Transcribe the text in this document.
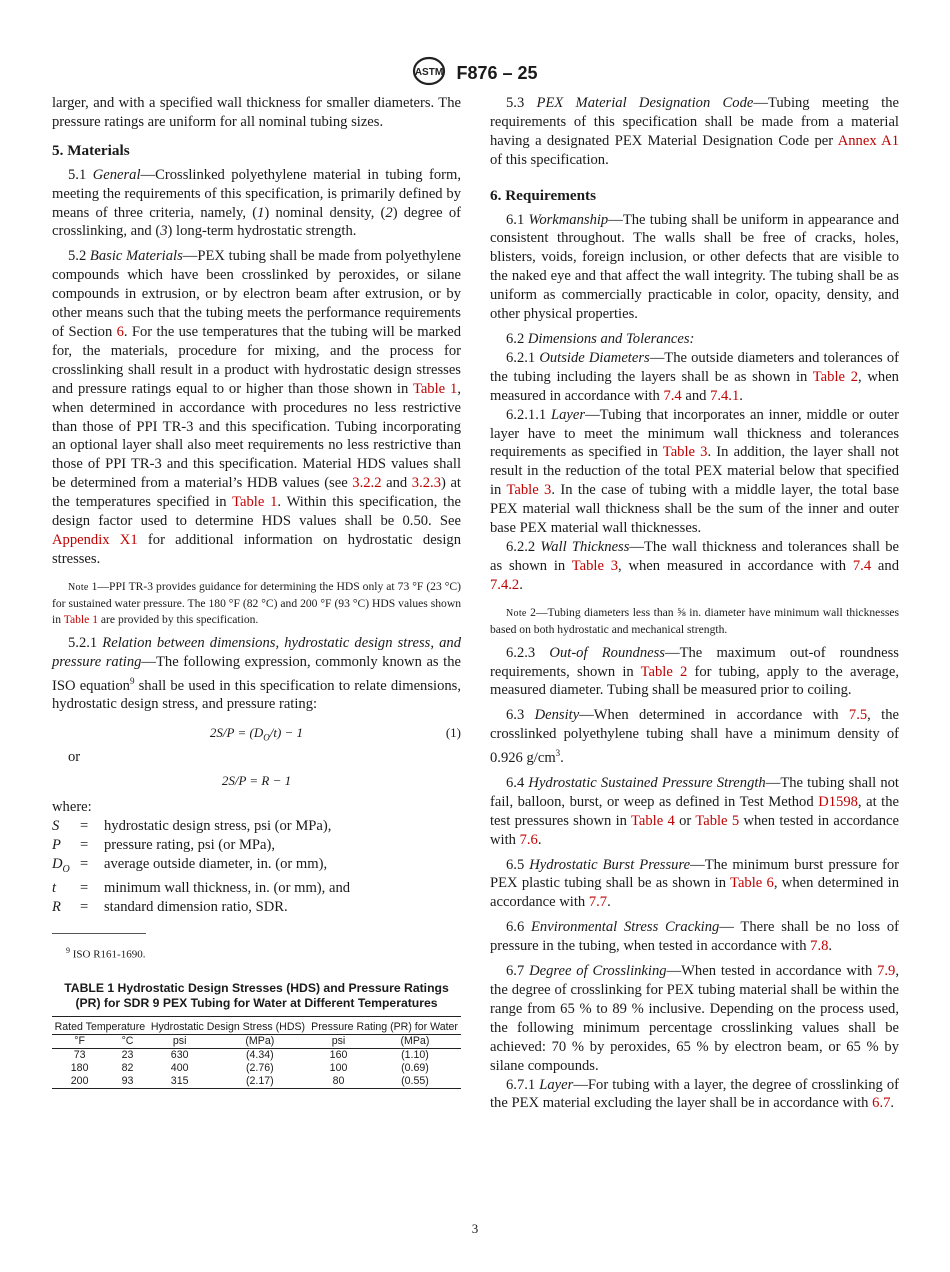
ASTM F876 – 25

larger, and with a specified wall thickness for smaller diameters. The pressure ratings are uniform for all nominal tubing sizes.

5. Materials

5.1 General—Crosslinked polyethylene material in tubing form, meeting the requirements of this specification, is primarily defined by means of three criteria, namely, (1) nominal density, (2) degree of crosslinking, and (3) long-term hydrostatic strength.

5.2 Basic Materials—PEX tubing shall be made from polyethylene compounds which have been crosslinked by peroxides, or silane compounds in extrusion, or by electron beam after extrusion, or by other means such that the tubing meets the performance requirements of Section 6. For the use temperatures that the tubing will be marked for, the materials, procedure for mixing, and the process for crosslinking shall result in a product with hydrostatic design stresses and pressure ratings equal to or higher than those shown in Table 1, when determined in accordance with procedures no less restrictive than those of PPI TR-3 and this specification. Tubing incorporating an optional layer shall also meet requirements no less restrictive than those of PPI TR-3 and this specification. Material HDS values shall be determined from a material’s HDB values (see 3.2.2 and 3.2.3) at the temperatures specified in Table 1. Within this specification, the design factor used to determine HDS values shall be 0.50. See Appendix X1 for additional information on hydrostatic design stresses.

Note 1—PPI TR-3 provides guidance for determining the HDS only at 73 °F (23 °C) for sustained water pressure. The 180 °F (82 °C) and 200 °F (93 °C) HDS values shown in Table 1 are provided by this specification.

5.2.1 Relation between dimensions, hydrostatic design stress, and pressure rating—The following expression, commonly known as the ISO equation$^9$ shall be used in this specification to relate dimensions, hydrostatic design stress, and pressure rating:

$2S/P = (D_O/t) - 1$	(1)
or
2S/P = R − 1

where:

S	=	hydrostatic design stress, psi (or MPa),
P	=	pressure rating, psi (or MPa),
$D_O$	=	average outside diameter, in. (or mm),
t	=	minimum wall thickness, in. (or mm), and
R	=	standard dimension ratio, SDR.

$^9$ ISO R161-1690.

TABLE 1 Hydrostatic Design Stresses (HDS) and Pressure Ratings (PR) for SDR 9 PEX Tubing for Water at Different Temperatures

Rated Temperature		Hydrostatic Design Stress (HDS)		Pressure Rating (PR) for Water	
°F	°C	psi	(MPa)	psi	(MPa)
73	23	630	(4.34)	160	(1.10)
180	82	400	(2.76)	100	(0.69)
200	93	315	(2.17)	80	(0.55)

5.3 PEX Material Designation Code—Tubing meeting the requirements of this specification shall be made from a material having a designated PEX Material Designation Code per Annex A1 of this specification.

6. Requirements

6.1 Workmanship—The tubing shall be uniform in appearance and consistent throughout. The walls shall be free of cracks, holes, blisters, voids, foreign inclusion, or other defects that are visible to the naked eye and that affect the wall integrity. The tubing shall be as uniform as commercially practicable in color, opacity, density, and other physical properties.

6.2 Dimensions and Tolerances:

6.2.1 Outside Diameters—The outside diameters and tolerances of the tubing including the layers shall be as shown in Table 2, when measured in accordance with 7.4 and 7.4.1.

6.2.1.1 Layer—Tubing that incorporates an inner, middle or outer layer have to meet the minimum wall thickness and tolerances requirements as specified in Table 3. In addition, the layer shall not result in the reduction of the total PEX material below that specified in Table 3. In the case of tubing with a middle layer, the total base PEX material wall thickness shall be the sum of the inner and outer base PEX material wall thicknesses.

6.2.2 Wall Thickness—The wall thickness and tolerances shall be as shown in Table 3, when measured in accordance with 7.4 and 7.4.2.

Note 2—Tubing diameters less than ⅝ in. diameter have minimum wall thicknesses based on both hydrostatic and mechanical strength.

6.2.3 Out-of Roundness—The maximum out-of roundness requirements, shown in Table 2 for tubing, apply to the average, measured diameter. Tubing shall be measured prior to coiling.

6.3 Density—When determined in accordance with 7.5, the crosslinked polyethylene tubing shall have a minimum density of 0.926 $g/cm^3$.

6.4 Hydrostatic Sustained Pressure Strength—The tubing shall not fail, balloon, burst, or weep as defined in Test Method D1598, at the test pressures shown in Table 4 or Table 5 when tested in accordance with 7.6.

6.5 Hydrostatic Burst Pressure—The minimum burst pressure for PEX plastic tubing shall be as shown in Table 6, when determined in accordance with 7.7.

6.6 Environmental Stress Cracking— There shall be no loss of pressure in the tubing, when tested in accordance with 7.8.

6.7 Degree of Crosslinking—When tested in accordance with 7.9, the degree of crosslinking for PEX tubing material shall be within the range from 65 % to 89 % inclusive. Depending on the process used, the following minimum percentage crosslinking values shall be achieved: 70 % by peroxides, 65 % by electron beam, or 65 % by silane compounds.

6.7.1 Layer—For tubing with a layer, the degree of crosslinking of the PEX material excluding the layer shall be in accordance with 6.7.

3
